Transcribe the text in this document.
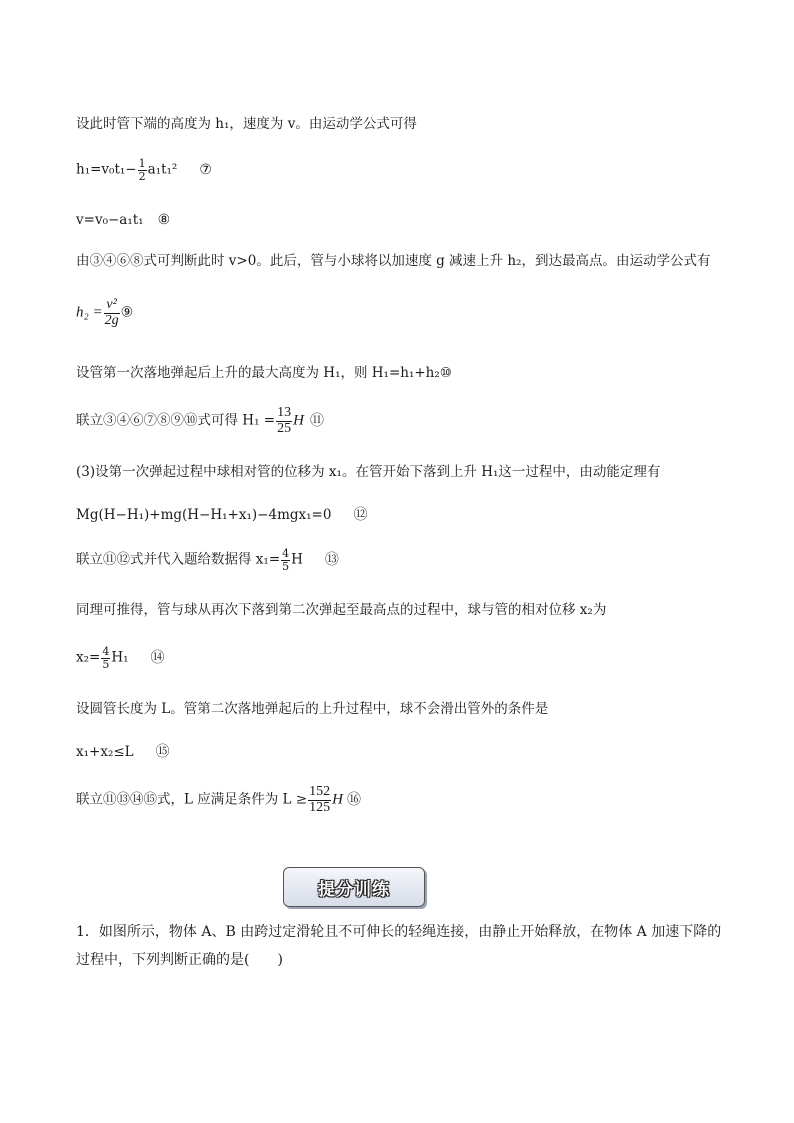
设此时管下端的高度为 h₁，速度为 v。由运动学公式可得
$h_1=v_0t_1- \frac{1}{2} a_1t_1^2$ ⑦
v=v₀−a₁t₁ ⑧
由③④⑥⑧式可判断此时 v>0。此后，管与小球将以加速度 g 减速上升 h₂，到达最高点。由运动学公式有
$h_2 = \frac{\text{v²}}{2g}$ ⑨
设管第一次落地弹起后上升的最大高度为 H₁，则 H₁=h₁+h₂⑩
联立③④⑥⑦⑧⑨⑩式可得 $H_1 = \frac{13}{25}$ H ⑪
(3)设第一次弹起过程中球相对管的位移为 x₁。在管开始下落到上升 H₁这一过程中，由动能定理有
Mg(H−H₁)+mg(H−H₁+x₁)−4mgx₁=0 ⑫
联立⑪⑫式并代入题给数据得 $x_1= \frac{4}{5}$ H ⑬
同理可推得，管与球从再次下落到第二次弹起至最高点的过程中，球与管的相对位移 x₂为
$x_2= \frac{4}{5} H_1$ ⑭
设圆管长度为 L。管第二次落地弹起后的上升过程中，球不会滑出管外的条件是
x₁+x₂≤L ⑮
联立⑪⑬⑭⑮式，L 应满足条件为 $L \ge \frac{152}{125}$ H ⑯
提分训练
1．如图所示，物体 A、B 由跨过定滑轮且不可伸长的轻绳连接，由静止开始释放，在物体 A 加速下降的过程中，下列判断正确的是(　　)
